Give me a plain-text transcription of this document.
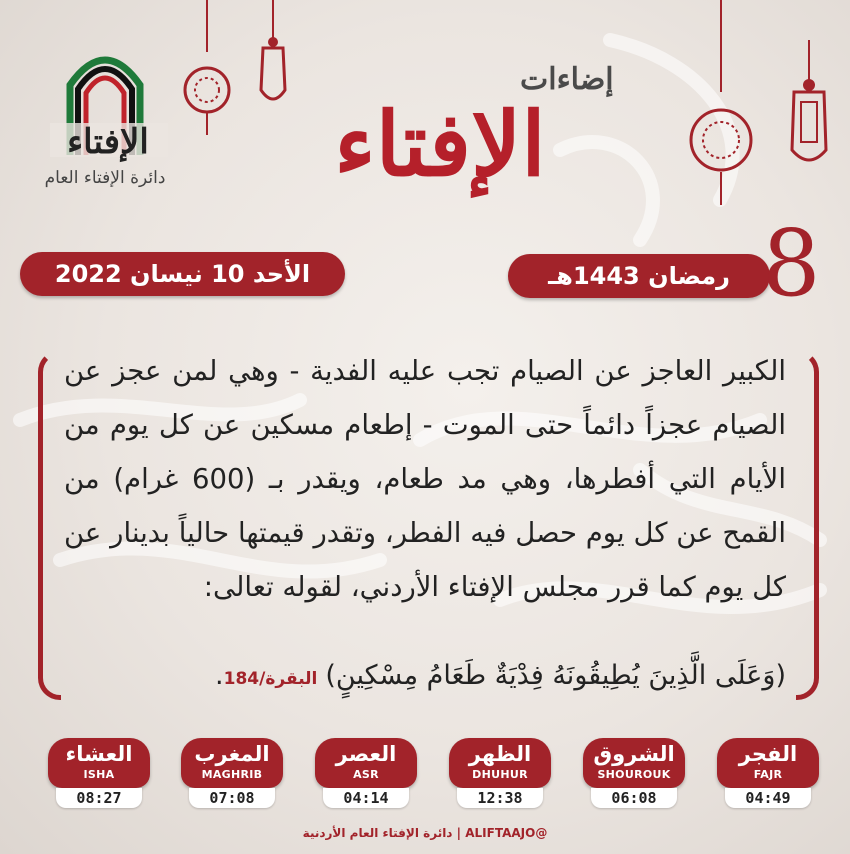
الإفتاء
دائرة الإفتاء العام
إضاءات
الإفتاء
الأحد 10 نيسان 2022	رمضان 1443هـ 8
الكبير العاجز عن الصيام تجب عليه الفدية - وهي لمن عجز عن الصيام عجزاً دائماً حتى الموت - إطعام مسكين عن كل يوم من الأيام التي أفطرها، وهي مد طعام، ويقدر بـ (600 غرام) من القمح عن كل يوم حصل فيه الفطر، وتقدر قيمتها حالياً بدينار عن كل يوم كما قرر مجلس الإفتاء الأردني، لقوله تعالى:
(وَعَلَى الَّذِينَ يُطِيقُونَهُ فِدْيَةٌ طَعَامُ مِسْكِينٍ)البقرة/184.
الفجر
FAJR
04:49
الشروق
SHOUROUK
06:08
الظهر
DHUHUR
12:38
العصر
ASR
04:14
المغرب
MAGHRIB
07:08
العشاء
ISHA
08:27
@ALIFTAAJO | دائرة الإفتاء العام الأردنية
